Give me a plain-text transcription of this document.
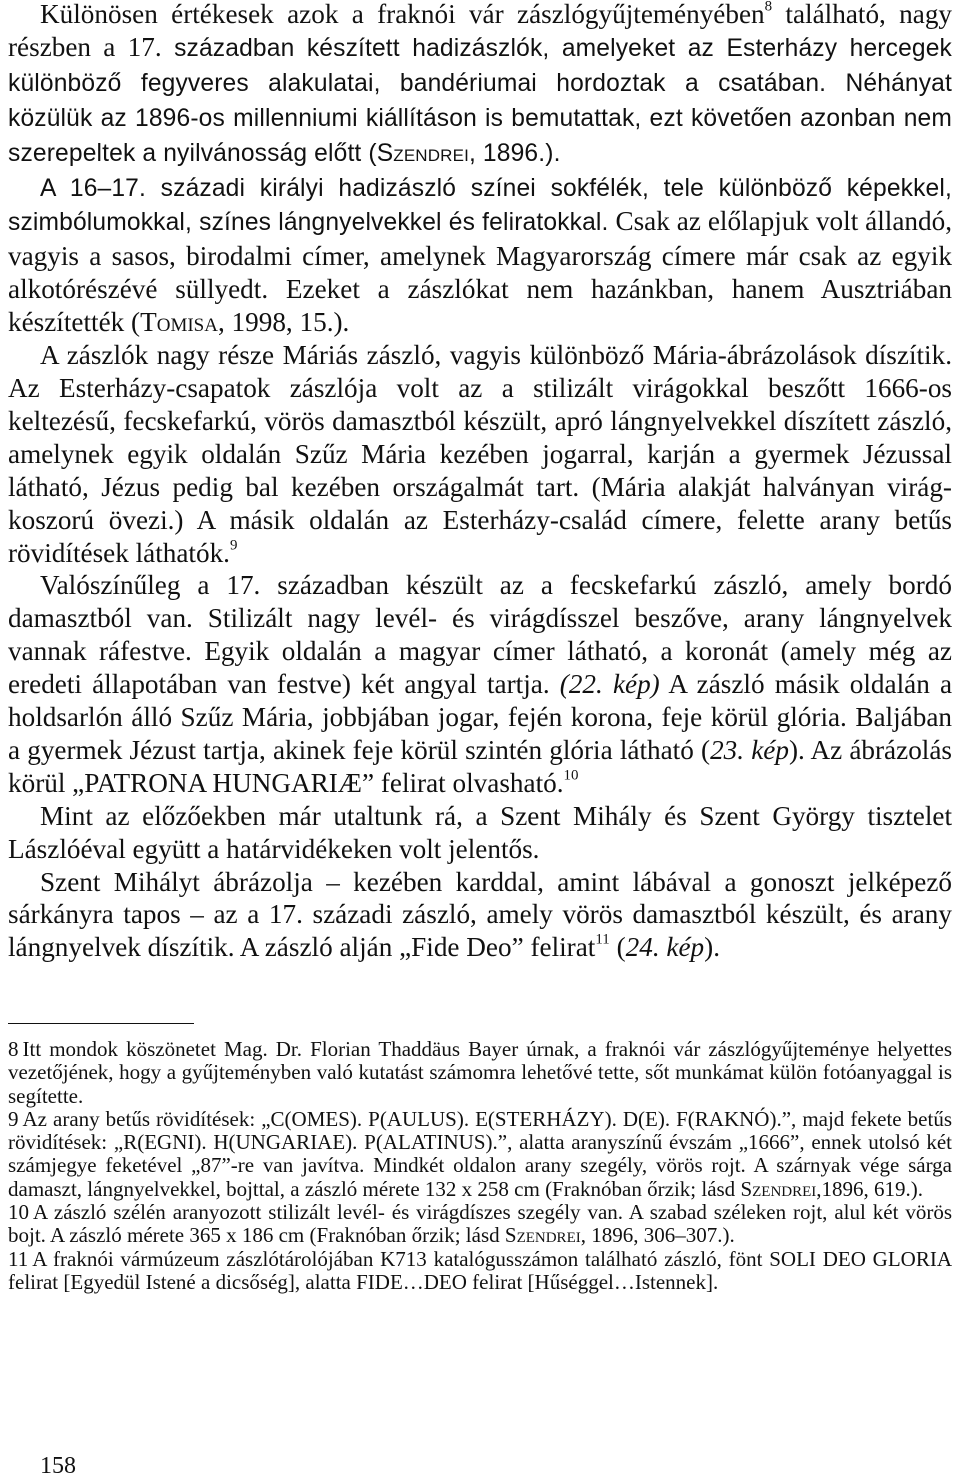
Különösen értékesek azok a fraknói vár zászlógyűjteményében$^8$ található, nagy részben a 17. században készített hadizászlók, amelyeket az Esterházy hercegek különböző fegyveres alakulatai, bandériumai hordoztak a csatában. Néhányat közülük az 1896-os millenniumi kiállításon is bemutattak, ezt követően azonban nem szerepeltek a nyilvánosság előtt (Szendrei, 1896.).

A 16–17. századi királyi hadizászló színei sokfélék, tele különböző képekkel, szimbólumokkal, színes lángnyelvekkel és feliratokkal. Csak az előlapjuk volt állandó, vagyis a sasos, birodalmi címer, amelynek Magyarország címere már csak az egyik alkotórészévé süllyedt. Ezeket a zászlókat nem hazánkban, hanem Ausztriában készítették (Tomisa, 1998, 15.).

A zászlók nagy része Máriás zászló, vagyis különböző Mária-ábrázolások díszítik. Az Esterházy-csapatok zászlója volt az a stilizált virágokkal beszőtt 1666-os keltezésű, fecskefarkú, vörös damasztból készült, apró lángnyelvekkel díszített zászló, amelynek egyik oldalán Szűz Mária kezében jogarral, karján a gyermek Jézussal látható, Jézus pedig bal kezében országalmát tart. (Mária alakját halványan virág-koszorú övezi.) A másik oldalán az Esterházy-család címere, felette arany betűs rövidítések láthatók.$^9$

Valószínűleg a 17. században készült az a fecskefarkú zászló, amely bordó damasztból van. Stilizált nagy levél- és virágdísszel beszőve, arany lángnyelvek vannak ráfestve. Egyik oldalán a magyar címer látható, a koronát (amely még az eredeti állapotában van festve) két angyal tartja. (22. kép) A zászló másik oldalán a holdsarlón álló Szűz Mária, jobbjában jogar, fején korona, feje körül glória. Baljában a gyermek Jézust tartja, akinek feje körül szintén glória látható (23. kép). Az ábrázolás körül „PATRONA HUNGARIÆ” felirat olvasható.$^{10}$

Mint az előzőekben már utaltunk rá, a Szent Mihály és Szent György tisztelet Lászlóéval együtt a határvidékeken volt jelentős.

Szent Mihályt ábrázolja – kezében karddal, amint lábával a gonoszt jelképező sárkányra tapos – az a 17. századi zászló, amely vörös damasztból készült, és arany lángnyelvek díszítik. A zászló alján „Fide Deo” felirat$^{11}$ (24. kép).

8 Itt mondok köszönetet Mag. Dr. Florian Thaddäus Bayer úrnak, a fraknói vár zászlógyűjteménye helyettes vezetőjének, hogy a gyűjteményben való kutatást számomra lehetővé tette, sőt munkámat külön fotóanyaggal is segítette.

9 Az arany betűs rövidítések: „C(OMES). P(AULUS). E(STERHÁZY). D(E). F(RAKNÓ).”, majd fekete betűs rövidítések: „R(EGNI). H(UNGARIAE). P(ALATINUS).”, alatta aranyszínű évszám „1666”, ennek utolsó két számjegye feketével „87”-re van javítva. Mindkét oldalon arany szegély, vörös rojt. A szárnyak vége sárga damaszt, lángnyelvekkel, bojttal, a zászló mérete 132 x 258 cm (Fraknóban őrzik; lásd Szendrei,1896, 619.).

10 A zászló szélén aranyozott stilizált levél- és virágdíszes szegély van. A szabad széleken rojt, alul két vörös bojt. A zászló mérete 365 x 186 cm (Fraknóban őrzik; lásd Szendrei, 1896, 306–307.).

11 A fraknói vármúzeum zászlótárolójában K713 katalógusszámon található zászló, fönt SOLI DEO GLORIA felirat [Egyedül Istené a dicsőség], alatta FIDE…DEO felirat [Hűséggel…Istennek].

158
